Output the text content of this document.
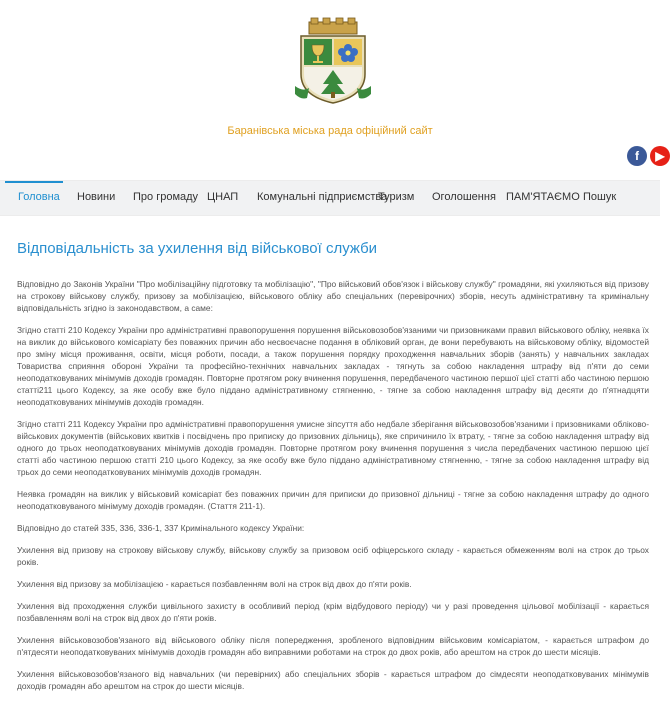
Баранівська міська рада офіційний сайт
f	▶
Головна Новини Про громаду ЦНАП Комунальні підприємства
Туризм Оголошення ПАМ'ЯТАЄМО Пошук
Відповідальність за ухилення від військової служби

Відповідно до Законів України "Про мобілізаційну підготовку та мобілізацію", "Про військовий обов'язок і військову службу" громадяни, які ухиляються від призову на строкову військову службу, призову за мобілізацією, військового обліку або спеціальних (перевірочних) зборів, несуть адміністративну та кримінальну відповідальність згідно із законодавством, а саме:

Згідно статті 210 Кодексу України про адміністративні правопорушення порушення військовозобов'язаними чи призовниками правил військового обліку, неявка їх на виклик до військового комісаріату без поважних причин або несвоєчасне подання в обліковий орган, де вони перебувають на військовому обліку, відомостей про зміну місця проживання, освіти, місця роботи, посади, а також порушення порядку проходження навчальних зборів (занять) у навчальних закладах Товариства сприяння обороні України та професійно-технічних навчальних закладах - тягнуть за собою накладення штрафу від п'яти до семи неоподатковуваних мінімумів доходів громадян. Повторне протягом року вчинення порушення, передбаченого частиною першої цієї статті або частиною першою статті211 цього Кодексу, за яке особу вже було піддано адміністративному стягненню, - тягне за собою накладення штрафу від десяти до п'ятнадцяти неоподатковуваних мінімумів доходів громадян.

Згідно статті 211 Кодексу України про адміністративні правопорушення умисне зіпсуття або недбале зберігання військовозобов'язаними і призовниками обліково-військових документів (військових квитків і посвідчень про приписку до призовних дільниць), яке спричинило їх втрату, - тягне за собою накладення штрафу від одного до трьох неоподатковуваних мінімумів доходів громадян. Повторне протягом року вчинення порушення з числа передбачених частиною першою цієї статті або частиною першою статті 210 цього Кодексу, за яке особу вже було піддано адміністративному стягненню, - тягне за собою накладення штрафу від трьох до семи неоподатковуваних мінімумів доходів громадян.

Неявка громадян на виклик у військовий комісаріат без поважних причин для приписки до призовної дільниці - тягне за собою накладення штрафу до одного неоподатковуваного мінімуму доходів громадян. (Стаття 211-1).

Відповідно до статей 335, 336, 336-1, 337 Кримінального кодексу України:

Ухилення від призову на строкову військову службу, військову службу за призовом осіб офіцерського складу - карається обмеженням волі на строк до трьох років.

Ухилення від призову за мобілізацією - карається позбавленням волі на строк від двох до п'яти років.

Ухилення від проходження служби цивільного захисту в особливий період (крім відбудового періоду) чи у разі проведення цільової мобілізації - карається позбавленням волі на строк від двох до п'яти років.

Ухилення військовозобов'язаного від військового обліку після попередження, зробленого відповідним військовим комісаріатом, - карається штрафом до п'ятдесяти неоподатковуваних мінімумів доходів громадян або виправними роботами на строк до двох років, або арештом на строк до шести місяців.

Ухилення військовозобов'язаного від навчальних (чи перевірних) або спеціальних зборів - карається штрафом до сімдесяти неоподатковуваних мінімумів доходів громадян або арештом на строк до шести місяців.
